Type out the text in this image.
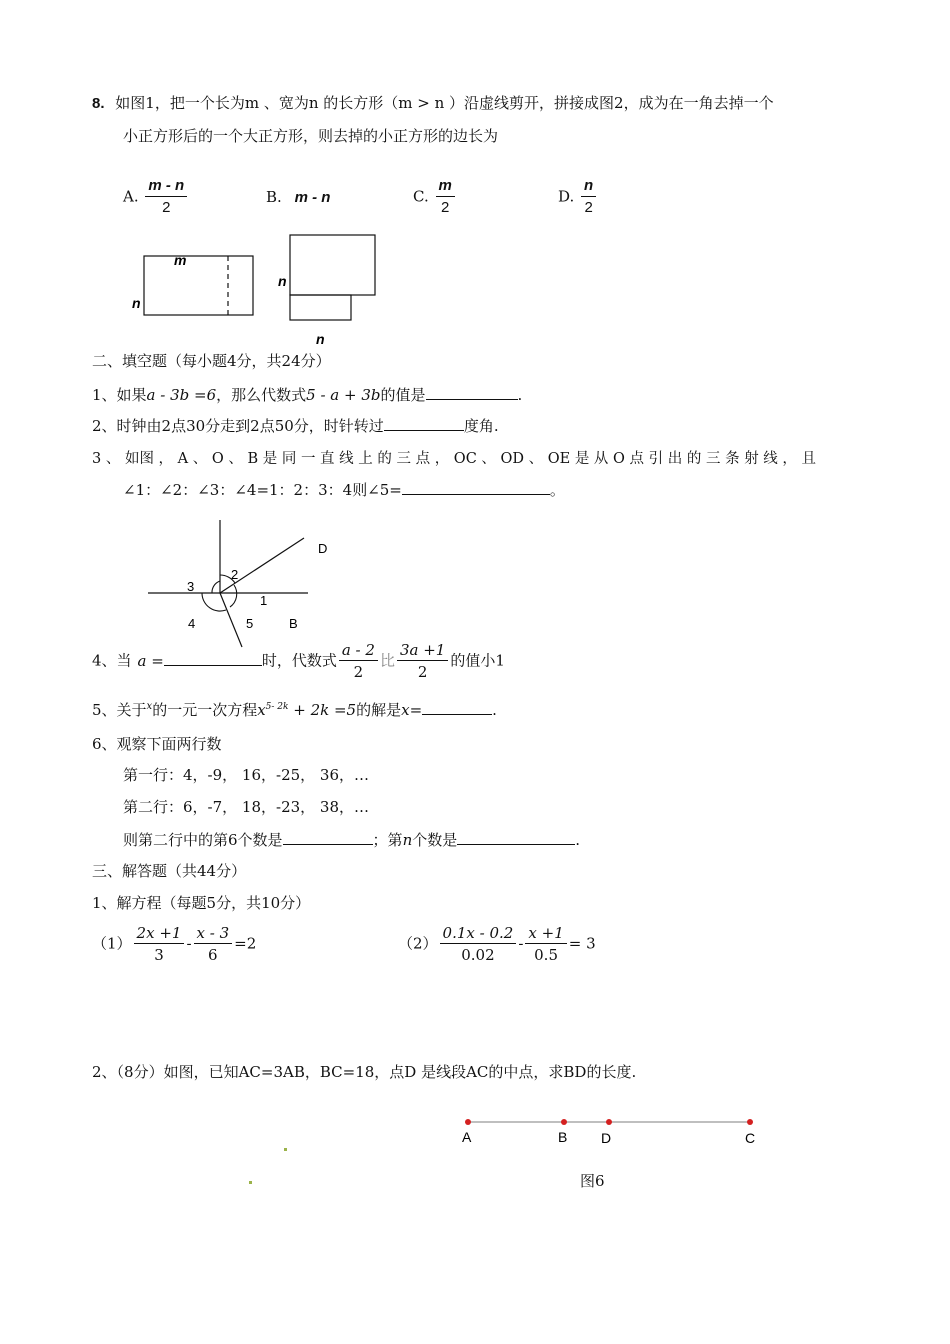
8. 如图1，把一个长为m 、宽为n 的长方形（m > n ）沿虚线剪开，拼接成图2，成为在一角去掉一个
小正方形后的一个大正方形，则去掉的小正方形的边长为
A. $\frac{m - n}{2}$	B. m - n	C. $\frac{m}{2}$	D. $\frac{n}{2}$
m
n
n
n
二、填空题（每小题4分，共24分）
1、如果a - 3b =6，那么代数式5 - a + 3b的值是	.
2、时钟由2点30分走到2点50分，时针转过	度角.
3 、 如图 ， A 、 O 、 B 是 同 一 直 线 上 的 三 点 ， OC 、 OD 、 OE 是 从 O 点 引 出 的 三 条 射 线 ， 且
∠1：∠2：∠3：∠4=1：2：3：4则∠5=	。
D
2
3
1
4	5	B
4、当 a =	时，代数式 $\frac{a - 2}{2}$ 比 $\frac{3a +1}{2}$ 的值小1
5、关于$^x$的一元一次方程$x^{5- 2k} + 2k =5$的解是x=	.
6、观察下面两行数
第一行：4，-9， 16，-25， 36，…
第二行：6，-7， 18，-23， 38，…
则第二行中的第6个数是	；第n个数是	.
三、解答题（共44分）
1、解方程（每题5分，共10分）
$(1) \frac{2x +1}{3} - \frac{x - 3}{6} =2$	$(2) \frac{0.1x - 0.2}{0.02} - \frac{x +1}{0.5} = 3$
2、（8分）如图，已知AC=3AB，BC=18，点D 是线段AC的中点，求BD的长度.
A	B D	C
图6
